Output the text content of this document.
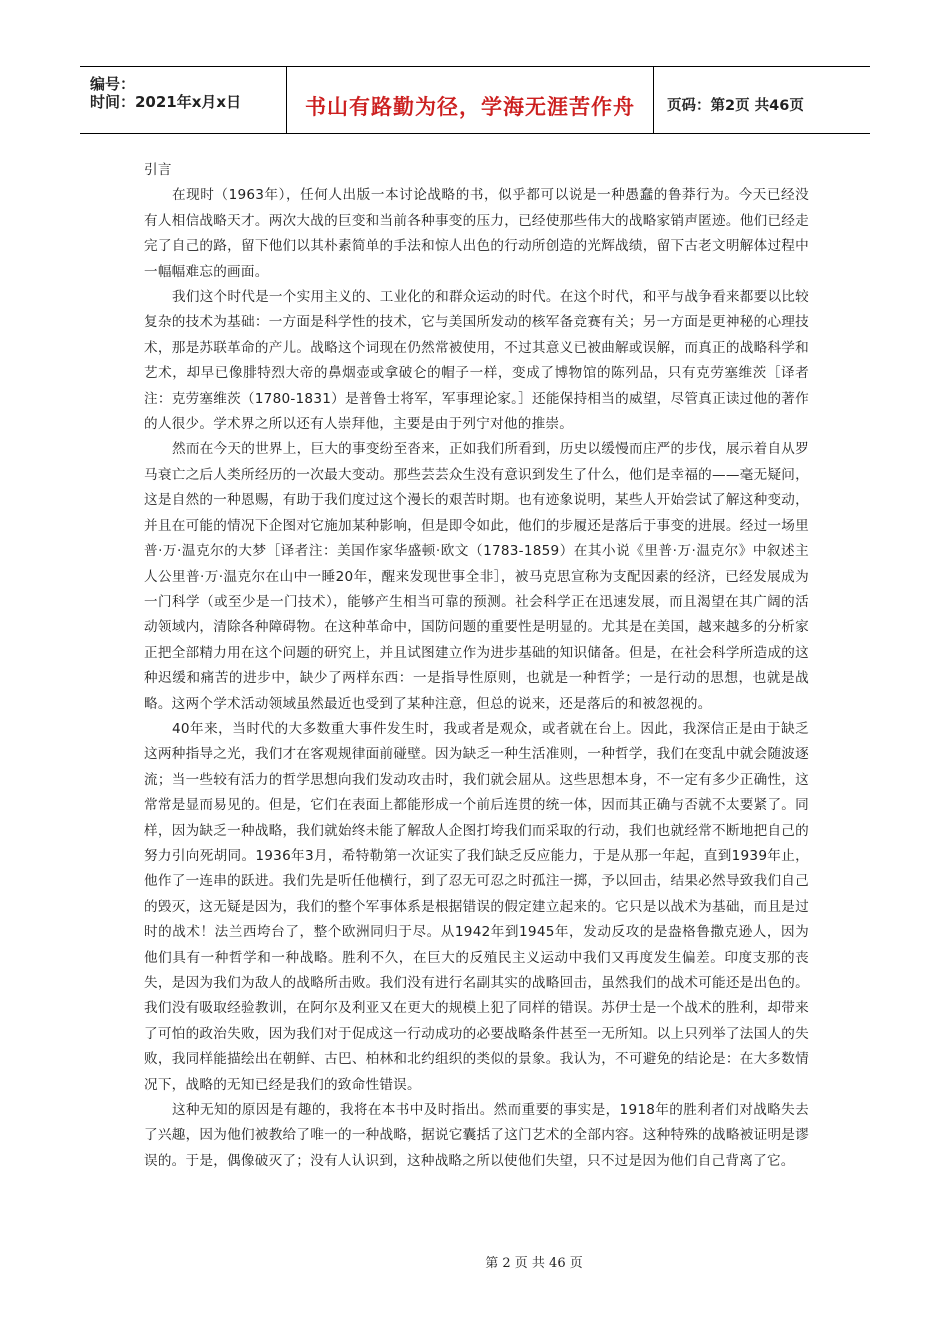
编号：
时间：2021年x月x日	书山有路勤为径，学海无涯苦作舟	页码：第2页 共46页

引言

在现时（1963年），任何人出版一本讨论战略的书，似乎都可以说是一种愚蠢的鲁莽行为。今天已经没有人相信战略天才。两次大战的巨变和当前各种事变的压力，已经使那些伟大的战略家销声匿迹。他们已经走完了自己的路，留下他们以其朴素简单的手法和惊人出色的行动所创造的光辉战绩，留下古老文明解体过程中一幅幅难忘的画面。

我们这个时代是一个实用主义的、工业化的和群众运动的时代。在这个时代，和平与战争看来都要以比较复杂的技术为基础：一方面是科学性的技术，它与美国所发动的核军备竞赛有关；另一方面是更神秘的心理技术，那是苏联革命的产儿。战略这个词现在仍然常被使用，不过其意义已被曲解或误解，而真正的战略科学和艺术，却早已像腓特烈大帝的鼻烟壶或拿破仑的帽子一样，变成了博物馆的陈列品，只有克劳塞维茨［译者注：克劳塞维茨（1780-1831）是普鲁士将军，军事理论家。］还能保持相当的威望，尽管真正读过他的著作的人很少。学术界之所以还有人崇拜他，主要是由于列宁对他的推崇。

然而在今天的世界上，巨大的事变纷至沓来，正如我们所看到，历史以缓慢而庄严的步伐，展示着自从罗马衰亡之后人类所经历的一次最大变动。那些芸芸众生没有意识到发生了什么，他们是幸福的——毫无疑问，这是自然的一种恩赐，有助于我们度过这个漫长的艰苦时期。也有迹象说明，某些人开始尝试了解这种变动，并且在可能的情况下企图对它施加某种影响，但是即令如此，他们的步履还是落后于事变的进展。经过一场里普·万·温克尔的大梦［译者注：美国作家华盛顿·欧文（1783-1859）在其小说《里普·万·温克尔》中叙述主人公里普·万·温克尔在山中一睡20年，醒来发现世事全非］，被马克思宣称为支配因素的经济，已经发展成为一门科学（或至少是一门技术），能够产生相当可靠的预测。社会科学正在迅速发展，而且渴望在其广阔的活动领域内，清除各种障碍物。在这种革命中，国防问题的重要性是明显的。尤其是在美国，越来越多的分析家正把全部精力用在这个问题的研究上，并且试图建立作为进步基础的知识储备。但是，在社会科学所造成的这种迟缓和痛苦的进步中，缺少了两样东西：一是指导性原则，也就是一种哲学；一是行动的思想，也就是战略。这两个学术活动领域虽然最近也受到了某种注意，但总的说来，还是落后的和被忽视的。

40年来，当时代的大多数重大事件发生时，我或者是观众，或者就在台上。因此，我深信正是由于缺乏这两种指导之光，我们才在客观规律面前碰壁。因为缺乏一种生活准则，一种哲学，我们在变乱中就会随波逐流；当一些较有活力的哲学思想向我们发动攻击时，我们就会屈从。这些思想本身，不一定有多少正确性，这常常是显而易见的。但是，它们在表面上都能形成一个前后连贯的统一体，因而其正确与否就不太要紧了。同样，因为缺乏一种战略，我们就始终未能了解敌人企图打垮我们而采取的行动，我们也就经常不断地把自己的努力引向死胡同。1936年3月，希特勒第一次证实了我们缺乏反应能力，于是从那一年起，直到1939年止，他作了一连串的跃进。我们先是听任他横行，到了忍无可忍之时孤注一掷，予以回击，结果必然导致我们自己的毁灭，这无疑是因为，我们的整个军事体系是根据错误的假定建立起来的。它只是以战术为基础，而且是过时的战术！法兰西垮台了，整个欧洲同归于尽。从1942年到1945年，发动反攻的是盎格鲁撒克逊人，因为他们具有一种哲学和一种战略。胜利不久，在巨大的反殖民主义运动中我们又再度发生偏差。印度支那的丧失，是因为我们为敌人的战略所击败。我们没有进行名副其实的战略回击，虽然我们的战术可能还是出色的。我们没有吸取经验教训，在阿尔及利亚又在更大的规模上犯了同样的错误。苏伊士是一个战术的胜利，却带来了可怕的政治失败，因为我们对于促成这一行动成功的必要战略条件甚至一无所知。以上只列举了法国人的失败，我同样能描绘出在朝鲜、古巴、柏林和北约组织的类似的景象。我认为，不可避免的结论是：在大多数情况下，战略的无知已经是我们的致命性错误。

这种无知的原因是有趣的，我将在本书中及时指出。然而重要的事实是，1918年的胜利者们对战略失去了兴趣，因为他们被教给了唯一的一种战略，据说它囊括了这门艺术的全部内容。这种特殊的战略被证明是谬误的。于是，偶像破灭了；没有人认识到，这种战略之所以使他们失望，只不过是因为他们自己背离了它。

第 2 页 共 46 页
